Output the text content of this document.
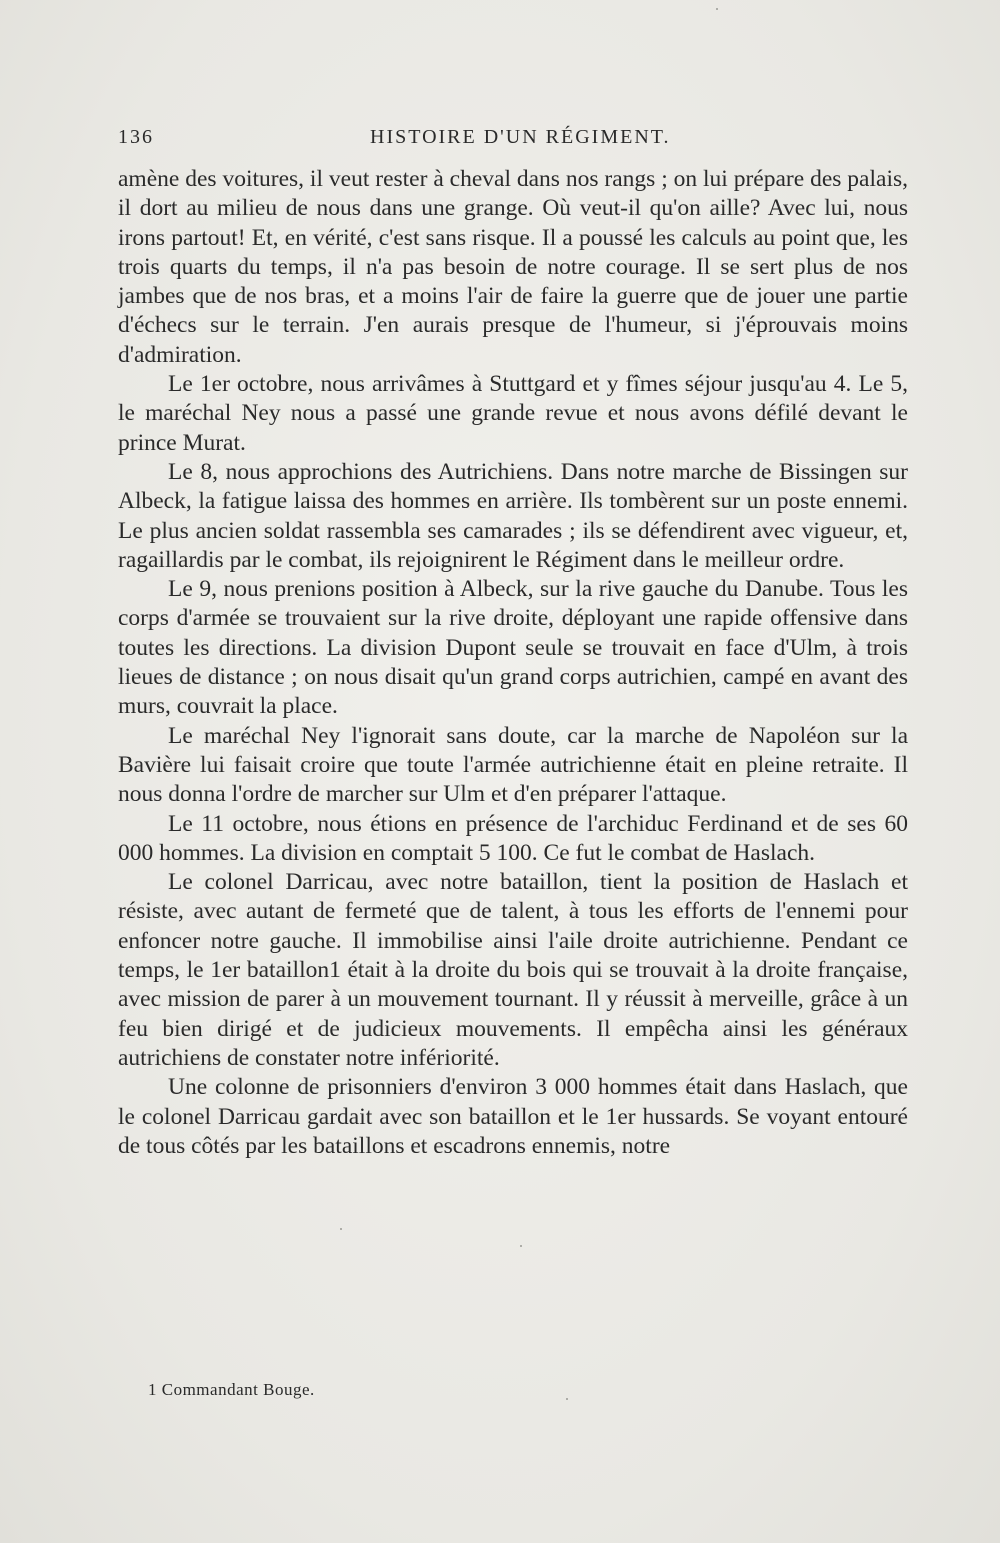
136	HISTOIRE D'UN RÉGIMENT.

amène des voitures, il veut rester à cheval dans nos rangs ; on lui prépare des palais, il dort au milieu de nous dans une grange. Où veut-il qu'on aille? Avec lui, nous irons partout! Et, en vérité, c'est sans risque. Il a poussé les calculs au point que, les trois quarts du temps, il n'a pas besoin de notre courage. Il se sert plus de nos jambes que de nos bras, et a moins l'air de faire la guerre que de jouer une partie d'échecs sur le terrain. J'en aurais presque de l'humeur, si j'éprouvais moins d'admiration.

Le 1er octobre, nous arrivâmes à Stuttgard et y fîmes séjour jusqu'au 4. Le 5, le maréchal Ney nous a passé une grande revue et nous avons défilé devant le prince Murat.

Le 8, nous approchions des Autrichiens. Dans notre marche de Bissingen sur Albeck, la fatigue laissa des hommes en arrière. Ils tombèrent sur un poste ennemi. Le plus ancien soldat rassembla ses camarades ; ils se défendirent avec vigueur, et, ragaillardis par le combat, ils rejoignirent le Régiment dans le meilleur ordre.

Le 9, nous prenions position à Albeck, sur la rive gauche du Danube. Tous les corps d'armée se trouvaient sur la rive droite, déployant une rapide offensive dans toutes les directions. La division Dupont seule se trouvait en face d'Ulm, à trois lieues de distance ; on nous disait qu'un grand corps autrichien, campé en avant des murs, couvrait la place.

Le maréchal Ney l'ignorait sans doute, car la marche de Napoléon sur la Bavière lui faisait croire que toute l'armée autrichienne était en pleine retraite. Il nous donna l'ordre de marcher sur Ulm et d'en préparer l'attaque.

Le 11 octobre, nous étions en présence de l'archiduc Ferdinand et de ses 60 000 hommes. La division en comptait 5 100. Ce fut le combat de Haslach.

Le colonel Darricau, avec notre bataillon, tient la position de Haslach et résiste, avec autant de fermeté que de talent, à tous les efforts de l'ennemi pour enfoncer notre gauche. Il immobilise ainsi l'aile droite autrichienne. Pendant ce temps, le 1er bataillon1 était à la droite du bois qui se trouvait à la droite française, avec mission de parer à un mouvement tournant. Il y réussit à merveille, grâce à un feu bien dirigé et de judicieux mouvements. Il empêcha ainsi les généraux autrichiens de constater notre infériorité.

Une colonne de prisonniers d'environ 3 000 hommes était dans Haslach, que le colonel Darricau gardait avec son bataillon et le 1er hussards. Se voyant entouré de tous côtés par les bataillons et escadrons ennemis, notre

1 Commandant Bouge.
